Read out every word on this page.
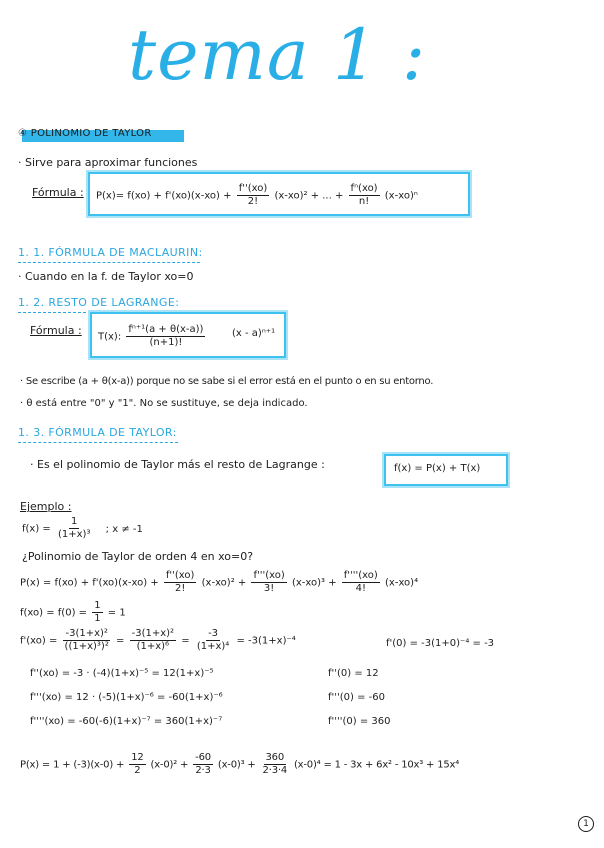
tema 1 :
④ POLINOMIO DE TAYLOR
· Sirve para aproximar funciones
Fórmula : $P(x)= f(xo) + f'(xo)(x-xo) + \frac{f''(xo)}{2!} (x-xo)^2$ + ... + $\frac{\text{fⁿ(xo)}}{n!} (x-xo)^n$
1. 1. FÓRMULA DE MACLAURIN:
· Cuando en la f. de Taylor xo=0
1. 2. RESTO DE LAGRANGE:
Fórmula : T(x): $\frac{\text{fⁿ⁺¹(a + θ(x-a))}}{(n+1)!}$	(x - a)ⁿ⁺¹
· Se escribe (a + θ(x-a)) porque no se sabe si el error está en el punto o en su entorno.
· θ está entre "0" y "1". No se sustituye, se deja indicado.
1. 3. FÓRMULA DE TAYLOR:
· Es el polinomio de Taylor más el resto de Lagrange :	f(x) = P(x) + T(x)
Ejemplo :
$f(x) = \frac{1}{\text{(1+x)³}}$ ; x ≠ -1
¿Polinomio de Taylor de orden 4 en xo=0?
$P(x) = f(xo) + f'(xo)(x-xo) + \frac{f''(xo)}{2!} (x-xo)^2 + \frac{f'''(xo)}{3!} (x-xo)^3 + \frac{f''''(xo)}{4!} (x-xo)^4$
$f(xo) = f(0) = \frac{1}{1} = 1$
$f'(xo) = \frac{\text{-3(1+x)²}}{\text{((1+x)³)²}} = \frac{\text{-3(1+x)²}}{\text{(1+x)⁶}} = \frac{-3}{\text{(1+x)⁴}} = -3(1+x)^{-4}$	f'(0) = -3(1+0)⁻⁴ = -3
f''(xo) = -3 · (-4)(1+x)⁻⁵ = 12(1+x)⁻⁵	f''(0) = 12
f'''(xo) = 12 · (-5)(1+x)⁻⁶ = -60(1+x)⁻⁶	f'''(0) = -60
f''''(xo) = -60(-6)(1+x)⁻⁷ = 360(1+x)⁻⁷	f''''(0) = 360
$P(x) = 1 + (-3)(x-0) + \frac{12}{2} (x-0)^2 + \frac{-60}{2\cdot 3} (x-0)^3 + \frac{360}{2\cdot 3\cdot 4} (x-0)^4 = 1 - 3x + 6x^2 - 10x^3 + 15x^4$
1
